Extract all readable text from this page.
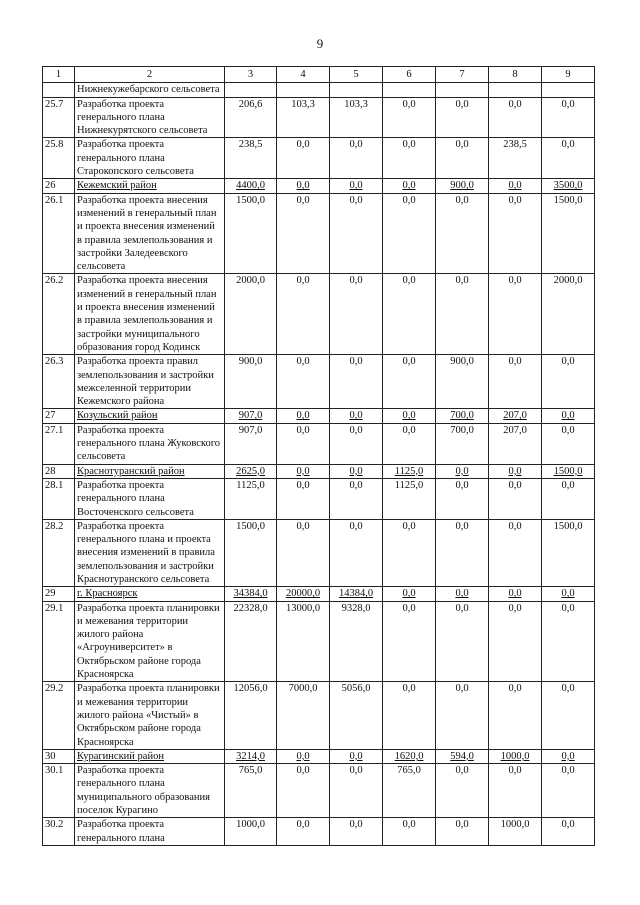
9
1	2	3	4	5	6	7	8	9
	Нижнекужебарского сельсовета							
25.7	Разработка проекта генерального плана Нижнекурятского сельсовета	206,6	103,3	103,3	0,0	0,0	0,0	0,0
25.8	Разработка проекта генерального плана Старокопского сельсовета	238,5	0,0	0,0	0,0	0,0	238,5	0,0
26	Кежемский район	4400,0	0,0	0,0	0,0	900,0	0,0	3500,0
26.1	Разработка проекта внесения изменений в генеральный план и проекта внесения изменений в правила землепользования и застройки Заледеевского сельсовета	1500,0	0,0	0,0	0,0	0,0	0,0	1500,0
26.2	Разработка проекта внесения изменений в генеральный план и проекта внесения изменений в правила землепользования и застройки муниципального образования город Кодинск	2000,0	0,0	0,0	0,0	0,0	0,0	2000,0
26.3	Разработка проекта правил землепользования и застройки межселенной территории Кежемского района	900,0	0,0	0,0	0,0	900,0	0,0	0,0
27	Козульский район	907,0	0,0	0,0	0,0	700,0	207,0	0,0
27.1	Разработка проекта генерального плана Жуковского сельсовета	907,0	0,0	0,0	0,0	700,0	207,0	0,0
28	Краснотуранский район	2625,0	0,0	0,0	1125,0	0,0	0,0	1500,0
28.1	Разработка проекта генерального плана Восточенского сельсовета	1125,0	0,0	0,0	1125,0	0,0	0,0	0,0
28.2	Разработка проекта генерального плана и проекта внесения изменений в правила землепользования и застройки Краснотуранского сельсовета	1500,0	0,0	0,0	0,0	0,0	0,0	1500,0
29	г. Красноярск	34384,0	20000,0	14384,0	0,0	0,0	0,0	0,0
29.1	Разработка проекта планировки и межевания территории жилого района «Агроуниверситет» в Октябрьском районе города Красноярска	22328,0	13000,0	9328,0	0,0	0,0	0,0	0,0
29.2	Разработка проекта планировки и межевания территории жилого района «Чистый» в Октябрьском районе города Красноярска	12056,0	7000,0	5056,0	0,0	0,0	0,0	0,0
30	Курагинский район	3214,0	0,0	0,0	1620,0	594,0	1000,0	0,0
30.1	Разработка проекта генерального плана муниципального образования поселок Курагино	765,0	0,0	0,0	765,0	0,0	0,0	0,0
30.2	Разработка проекта генерального плана	1000,0	0,0	0,0	0,0	0,0	1000,0	0,0
